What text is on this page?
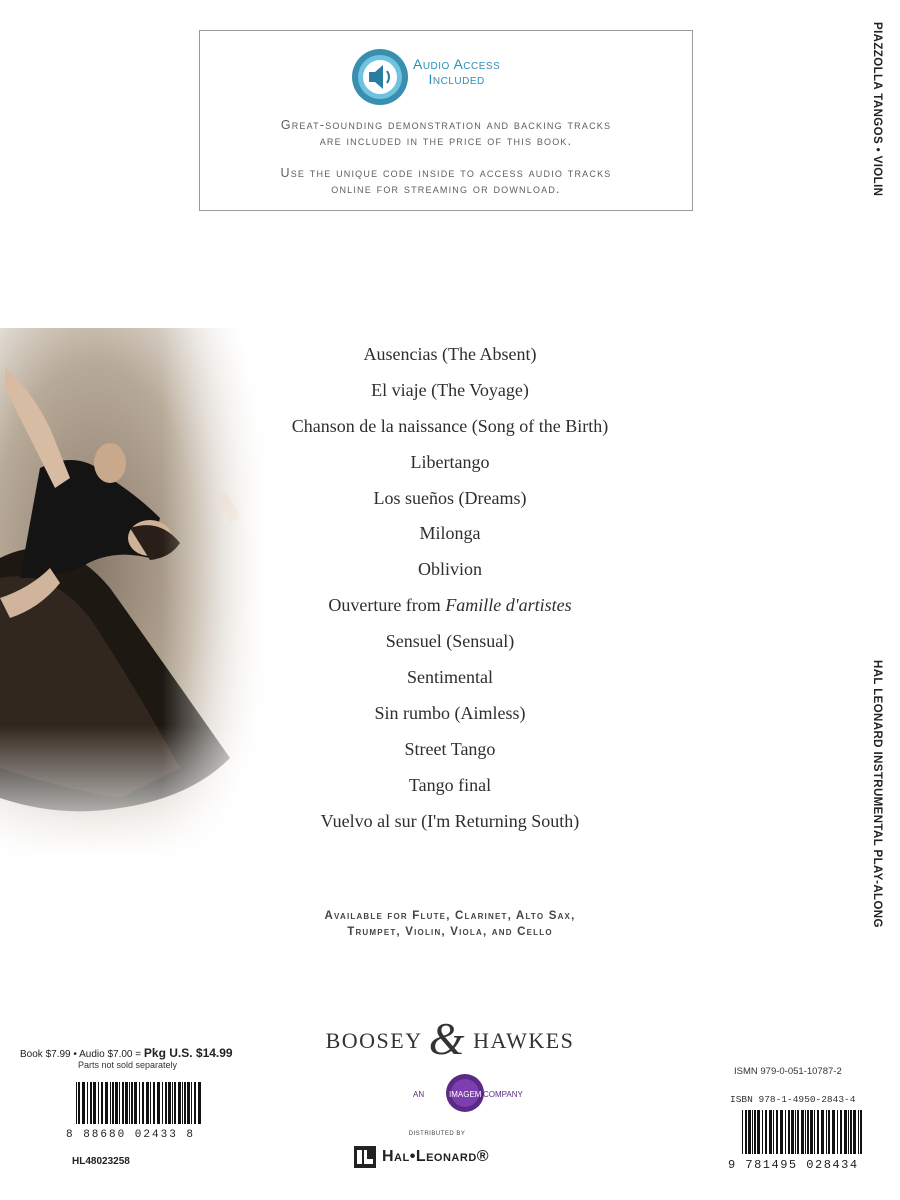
Audio Access
Included
Great-sounding demonstration and backing tracks
are included in the price of this book.
Use the unique code inside to access audio tracks
online for streaming or download.	PIAZZOLLA TANGOS • VIOLIN
HAL LEONARD INSTRUMENTAL PLAY-ALONG
Ausencias (The Absent)
El viaje (The Voyage)
Chanson de la naissance (Song of the Birth)
Libertango
Los sueños (Dreams)
Milonga
Oblivion
Ouverture from Famille d'artistes
Sensuel (Sensual)
Sentimental
Sin rumbo (Aimless)
Street Tango
Tango final
Vuelvo al sur (I'm Returning South)
Available for Flute, Clarinet, Alto Sax,
Trumpet, Violin, Viola, and Cello
Book $7.99 • Audio $7.00 = Pkg U.S. $14.99
Parts not sold separately
8 88680 02433 8
HL48023258
BOOSEY & HAWKES
AN	IMAGEM COMPANY
DISTRIBUTED BY
Hal•Leonard®
ISMN 979-0-051-10787-2
ISBN 978-1-4950-2843-4
9 781495 028434
